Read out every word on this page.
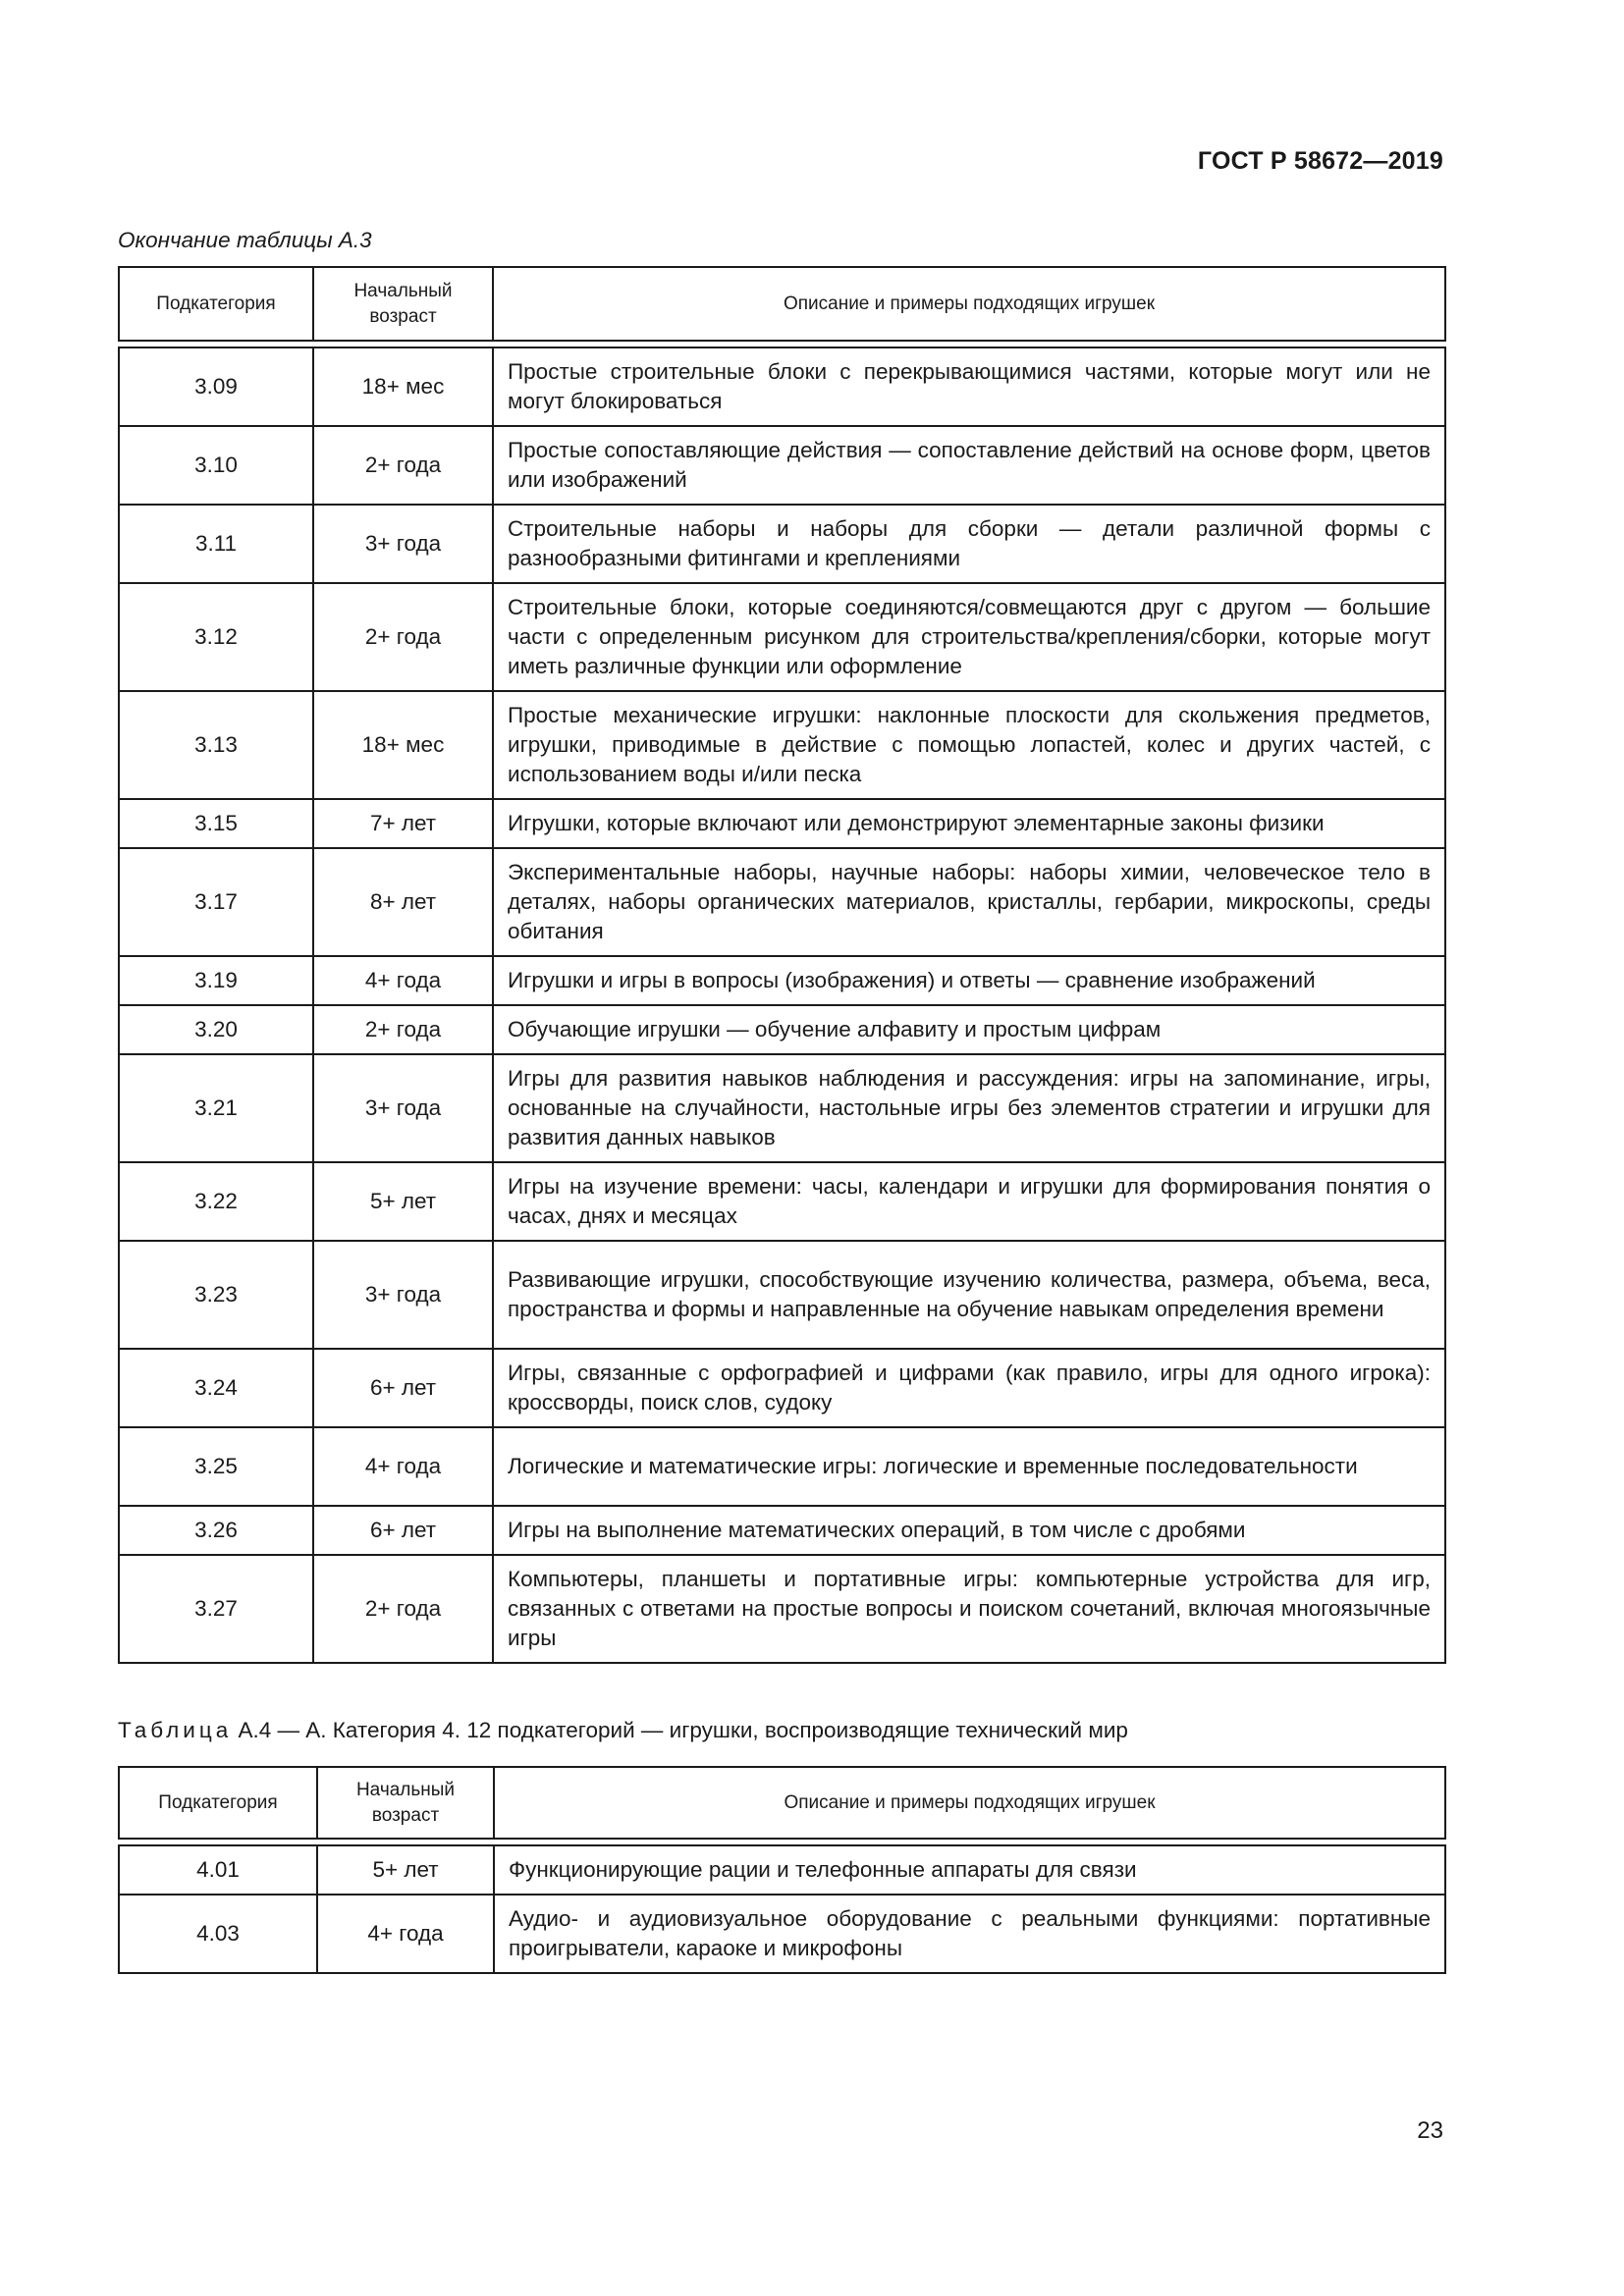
ГОСТ Р 58672—2019
Окончание таблицы А.3
Подкатегория	Начальный возраст	Описание и примеры подходящих игрушек

3.09	18+ мес	Простые строительные блоки с перекрывающимися частями, которые могут или не могут блокироваться
3.10	2+ года	Простые сопоставляющие действия — сопоставление действий на основе форм, цветов или изображений
3.11	3+ года	Строительные наборы и наборы для сборки — детали различной формы с разнообразными фитингами и креплениями
3.12	2+ года	Строительные блоки, которые соединяются/совмещаются друг с другом — большие части с определенным рисунком для строительства/крепления/сборки, которые могут иметь различные функции или оформление
3.13	18+ мес	Простые механические игрушки: наклонные плоскости для скольжения предметов, игрушки, приводимые в действие с помощью лопастей, колес и других частей, с использованием воды и/или песка
3.15	7+ лет	Игрушки, которые включают или демонстрируют элементарные законы физики
3.17	8+ лет	Экспериментальные наборы, научные наборы: наборы химии, человеческое тело в деталях, наборы органических материалов, кристаллы, гербарии, микроскопы, среды обитания
3.19	4+ года	Игрушки и игры в вопросы (изображения) и ответы — сравнение изображений
3.20	2+ года	Обучающие игрушки — обучение алфавиту и простым цифрам
3.21	3+ года	Игры для развития навыков наблюдения и рассуждения: игры на запоминание, игры, основанные на случайности, настольные игры без элементов стратегии и игрушки для развития данных навыков
3.22	5+ лет	Игры на изучение времени: часы, календари и игрушки для формирования понятия о часах, днях и месяцах
3.23	3+ года	Развивающие игрушки, способствующие изучению количества, размера, объема, веса, пространства и формы и направленные на обучение навыкам определения времени
3.24	6+ лет	Игры, связанные с орфографией и цифрами (как правило, игры для одного игрока): кроссворды, поиск слов, судоку
3.25	4+ года	Логические и математические игры: логические и временные последовательности
3.26	6+ лет	Игры на выполнение математических операций, в том числе с дробями
3.27	2+ года	Компьютеры, планшеты и портативные игры: компьютерные устройства для игр, связанных с ответами на простые вопросы и поиском сочетаний, включая многоязычные игры
Таблица А.4 — А. Категория 4. 12 подкатегорий — игрушки, воспроизводящие технический мир
Подкатегория	Начальный возраст	Описание и примеры подходящих игрушек

4.01	5+ лет	Функционирующие рации и телефонные аппараты для связи
4.03	4+ года	Аудио- и аудиовизуальное оборудование с реальными функциями: портативные проигрыватели, караоке и микрофоны
23
